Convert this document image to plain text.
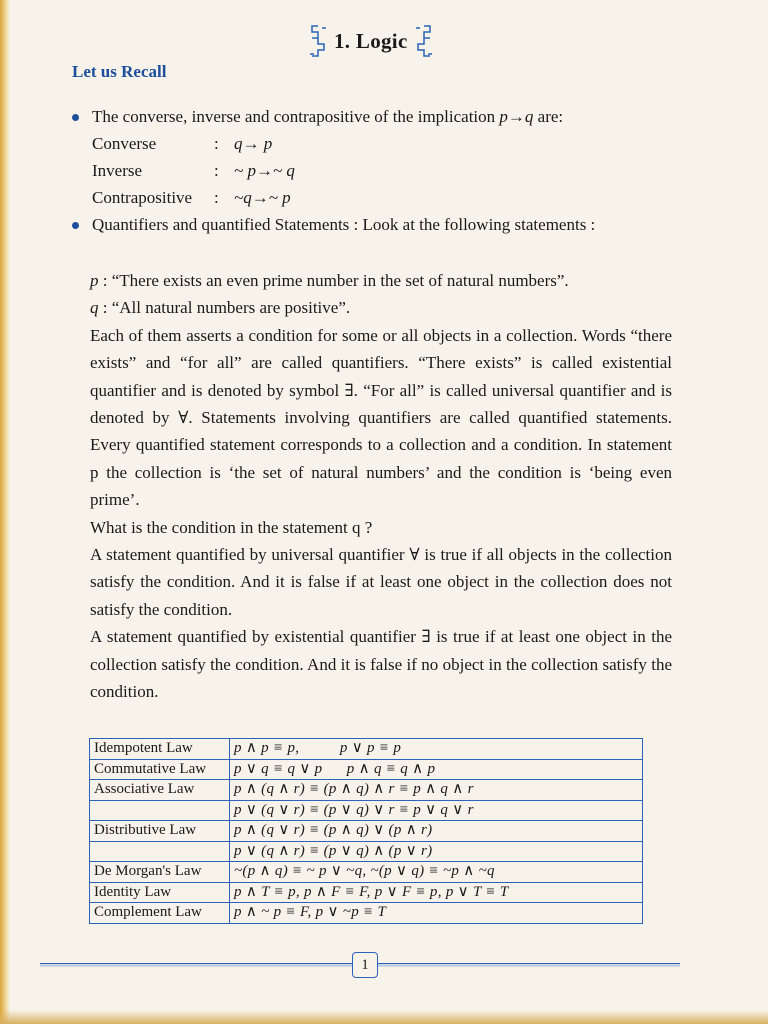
1. Logic
Let us Recall
The converse, inverse and contrapositive of the implication p→q are:
Converse	: q→ p
Inverse	: ~ p→~ q
Contrapositive	: ~q→~ p
Quantifiers and quantified Statements : Look at the following statements :

p : “There exists an even prime number in the set of natural numbers”.

q : “All natural numbers are positive”.

Each of them asserts a condition for some or all objects in a collection. Words “there exists” and “for all” are called quantifiers. “There exists” is called existential quantifier and is denoted by symbol ∃. “For all” is called universal quantifier and is denoted by ∀. Statements involving quantifiers are called quantified statements. Every quantified statement corresponds to a collection and a condition. In statement p the collection is ‘the set of natural numbers’ and the condition is ‘being even prime’.

What is the condition in the statement q ?

A statement quantified by universal quantifier ∀ is true if all objects in the collection satisfy the condition. And it is false if at least one object in the collection does not satisfy the condition.

A statement quantified by existential quantifier ∃ is true if at least one object in the collection satisfy the condition. And it is false if no object in the collection satisfy the condition.

Idempotent Law	p ∧ p ≡ p,          p ∨ p ≡ p
Commutative Law	p ∨ q ≡ q ∨ p      p ∧ q ≡ q ∧ p
Associative Law	p ∧ (q ∧ r) ≡ (p ∧ q) ∧ r ≡ p ∧ q ∧ r
	p ∨ (q ∨ r) ≡ (p ∨ q) ∨ r ≡ p ∨ q ∨ r
Distributive Law	p ∧ (q ∨ r) ≡ (p ∧ q) ∨ (p ∧ r)
	p ∨ (q ∧ r) ≡ (p ∨ q) ∧ (p ∨ r)
De Morgan's Law	~(p ∧ q) ≡ ~ p ∨ ~q, ~(p ∨ q) ≡ ~p ∧ ~q
Identity Law	p ∧ T ≡ p, p ∧ F ≡ F, p ∨ F ≡ p, p ∨ T ≡ T
Complement Law	p ∧ ~ p ≡ F, p ∨ ~p ≡ T
1
